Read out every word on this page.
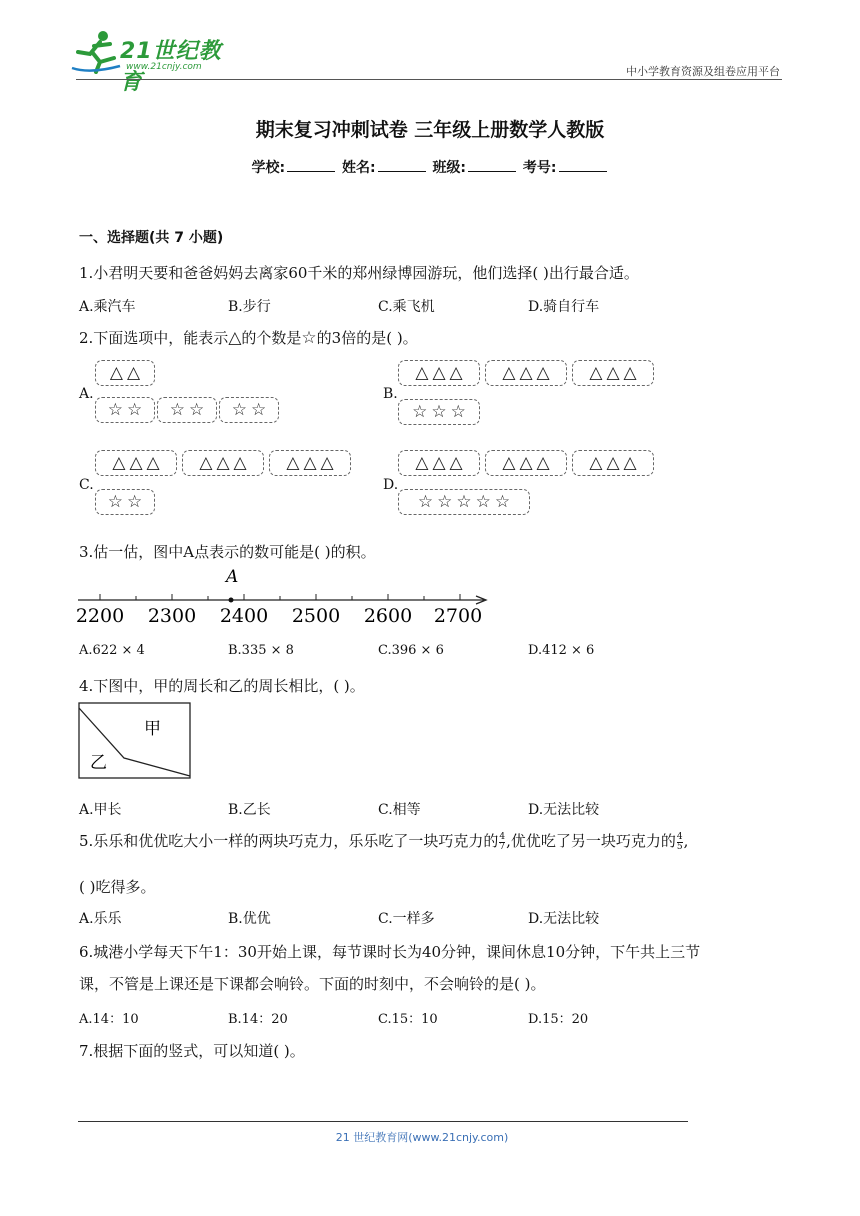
21世纪教育
www.21cnjy.com	中小学教育资源及组卷应用平台
期末复习冲刺试卷 三年级上册数学人教版
学校:	姓名:	班级:	考号:
一、选择题(共 7 小题)
1.小君明天要和爸爸妈妈去离家60千米的郑州绿博园游玩，他们选择( )出行最合适。
A.乘汽车	B.步行	C.乘飞机	D.骑自行车
2.下面选项中，能表示△的个数是☆的3倍的是( )。
A.
△ △
☆ ☆ ☆ ☆ ☆ ☆
B.
△ △ △ △ △ △ △ △ △
☆ ☆ ☆
C.
△ △ △ △ △ △ △ △ △
☆ ☆
D.
△ △ △ △ △ △ △ △ △
☆ ☆ ☆ ☆ ☆
3.估一估，图中A点表示的数可能是( )的积。
A
2200 2300 2400 2500 2600 2700
A.622 × 4	B.335 × 8	C.396 × 6	D.412 × 6
4.下图中，甲的周长和乙的周长相比，( )。
甲
乙
A.甲长	B.乙长	C.相等	D.无法比较
5.乐乐和优优吃大小一样的两块巧克力，乐乐吃了一块巧克力的 $\frac{4}{7}$ ,优优吃了另一块巧克力的 $\frac{4}{5}$ ,
( )吃得多。
A.乐乐	B.优优	C.一样多	D.无法比较
6.城港小学每天下午1：30开始上课，每节课时长为40分钟，课间休息10分钟，下午共上三节
课，不管是上课还是下课都会响铃。下面的时刻中，不会响铃的是( )。
A.14：10	B.14：20	C.15：10	D.15：20
7.根据下面的竖式，可以知道( )。
21 世纪教育网(www.21cnjy.com)
